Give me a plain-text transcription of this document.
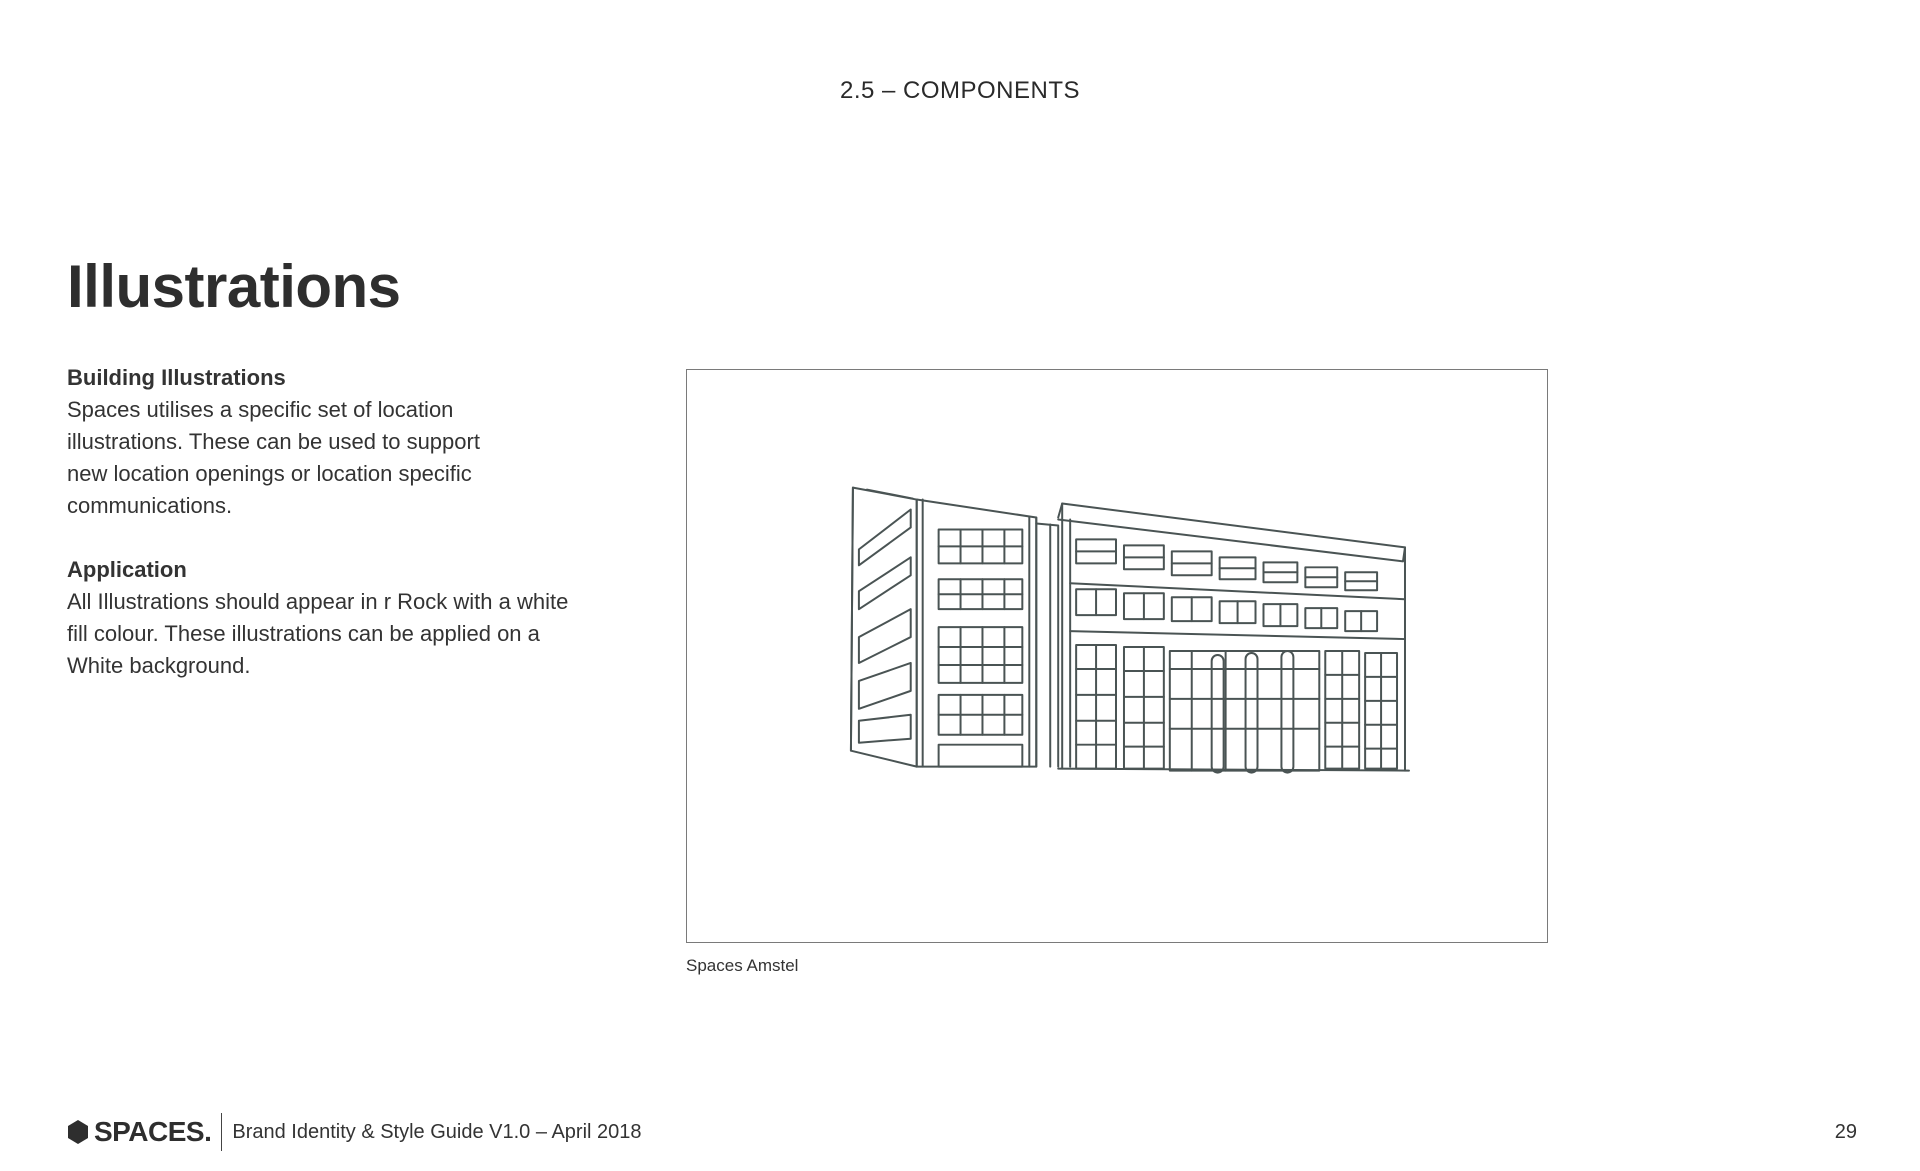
2.5 – COMPONENTS
Illustrations
Building Illustrations
Spaces utilises a specific set of location
illustrations. These can be used to support
new location openings or location specific
communications.
Application
All Illustrations should appear in r Rock with a white
fill colour. These illustrations can be applied on a
White background.
Spaces Amstel
SPACES. Brand Identity & Style Guide V1.0 – April 2018	29
